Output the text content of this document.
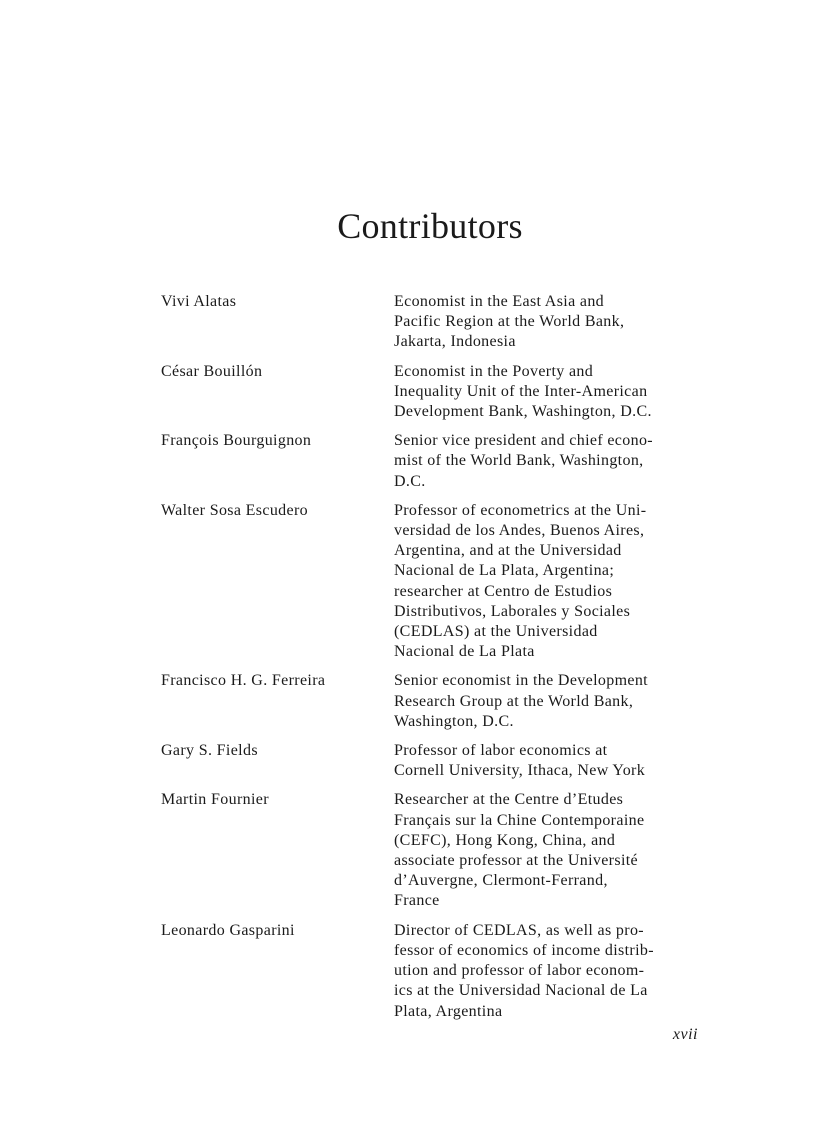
Contributors
Vivi Alatas	Economist in the East Asia and
Pacific Region at the World Bank,
Jakarta, Indonesia
César Bouillón	Economist in the Poverty and
Inequality Unit of the Inter-American
Development Bank, Washington, D.C.
François Bourguignon	Senior vice president and chief econo-
mist of the World Bank, Washington,
D.C.
Walter Sosa Escudero	Professor of econometrics at the Uni-
versidad de los Andes, Buenos Aires,
Argentina, and at the Universidad
Nacional de La Plata, Argentina;
researcher at Centro de Estudios
Distributivos, Laborales y Sociales
(CEDLAS) at the Universidad
Nacional de La Plata
Francisco H. G. Ferreira	Senior economist in the Development
Research Group at the World Bank,
Washington, D.C.
Gary S. Fields	Professor of labor economics at
Cornell University, Ithaca, New York
Martin Fournier	Researcher at the Centre d’Etudes
Français sur la Chine Contemporaine
(CEFC), Hong Kong, China, and
associate professor at the Université
d’Auvergne, Clermont-Ferrand,
France
Leonardo Gasparini	Director of CEDLAS, as well as pro-
fessor of economics of income distrib-
ution and professor of labor econom-
ics at the Universidad Nacional de La
Plata, Argentina
xvii
